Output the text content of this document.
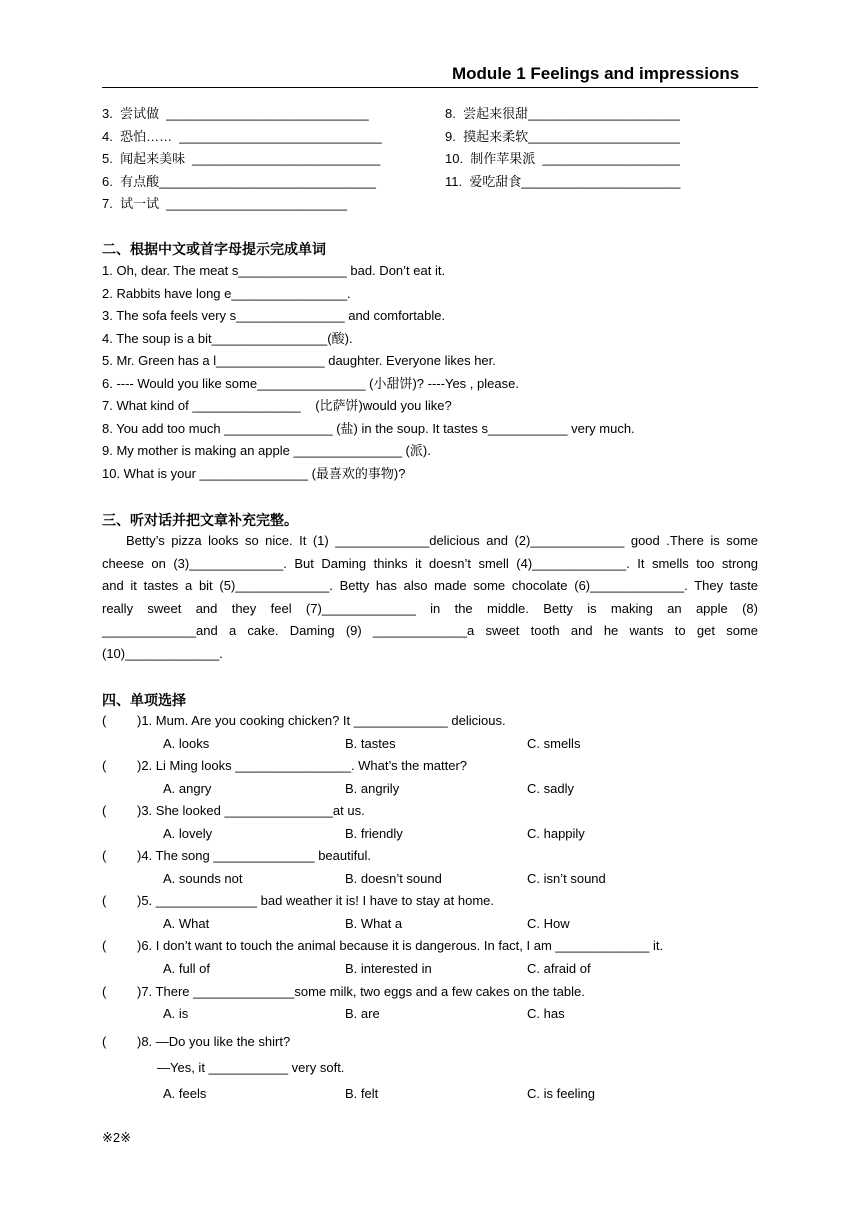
Module 1 Feelings and impressions
3.  尝试做  ____________________________
4.  恐怕……  ____________________________
5.  闻起来美味  __________________________
6.  有点酸______________________________
7.  试一试  _________________________
8.  尝起来很甜_____________________
9.  摸起来柔软_____________________
10.  制作苹果派  ___________________
11.  爱吃甜食______________________
二、根据中文或首字母提示完成单词
1. Oh, dear. The meat s_______________ bad. Don’t eat it.
2. Rabbits have long e________________.
3. The sofa feels very s_______________ and comfortable.
4. The soup is a bit________________(酸).
5. Mr. Green has a l_______________ daughter. Everyone likes her.
6. ---- Would you like some_______________ (小甜饼)? ----Yes , please.
7. What kind of _______________    (比萨饼)would you like?
8. You add too much _______________ (盐) in the soup. It tastes s___________ very much.
9. My mother is making an apple _______________ (派).
10. What is your _______________ (最喜欢的事物)?
三、听对话并把文章补充完整。
Betty’s pizza looks so nice. It (1) _____________delicious and (2)_____________ good .There is some
cheese on (3)_____________. But Daming thinks it doesn’t smell (4)_____________. It smells too strong
and it tastes a bit (5)_____________. Betty has also made some chocolate (6)_____________. They taste
really sweet and they feel (7)_____________ in the middle. Betty is making an apple (8)
_____________and a cake. Daming (9) _____________a sweet tooth and he wants to get some
(10)_____________.
四、单项选择
( )1. Mum. Are you cooking chicken? It _____________ delicious.
A. looks	B. tastes	C. smells
( )2. Li Ming looks ________________. What’s the matter?
A. angry	B. angrily	C. sadly
( )3. She looked _______________at us.
A. lovely	B. friendly	C. happily
( )4. The song ______________ beautiful.
A. sounds not	B. doesn’t sound	C. isn’t sound
( )5. ______________ bad weather it is! I have to stay at home.
A. What	B. What a	C. How
( )6. I don’t want to touch the animal because it is dangerous. In fact, I am _____________ it.
A. full of	B. interested in	C. afraid of
( )7. There ______________some milk, two eggs and a few cakes on the table.
A. is	B. are	C. has
( )8. —Do you like the shirt?
—Yes, it ___________ very soft.
A. feels	B. felt	C. is feeling
※2※
